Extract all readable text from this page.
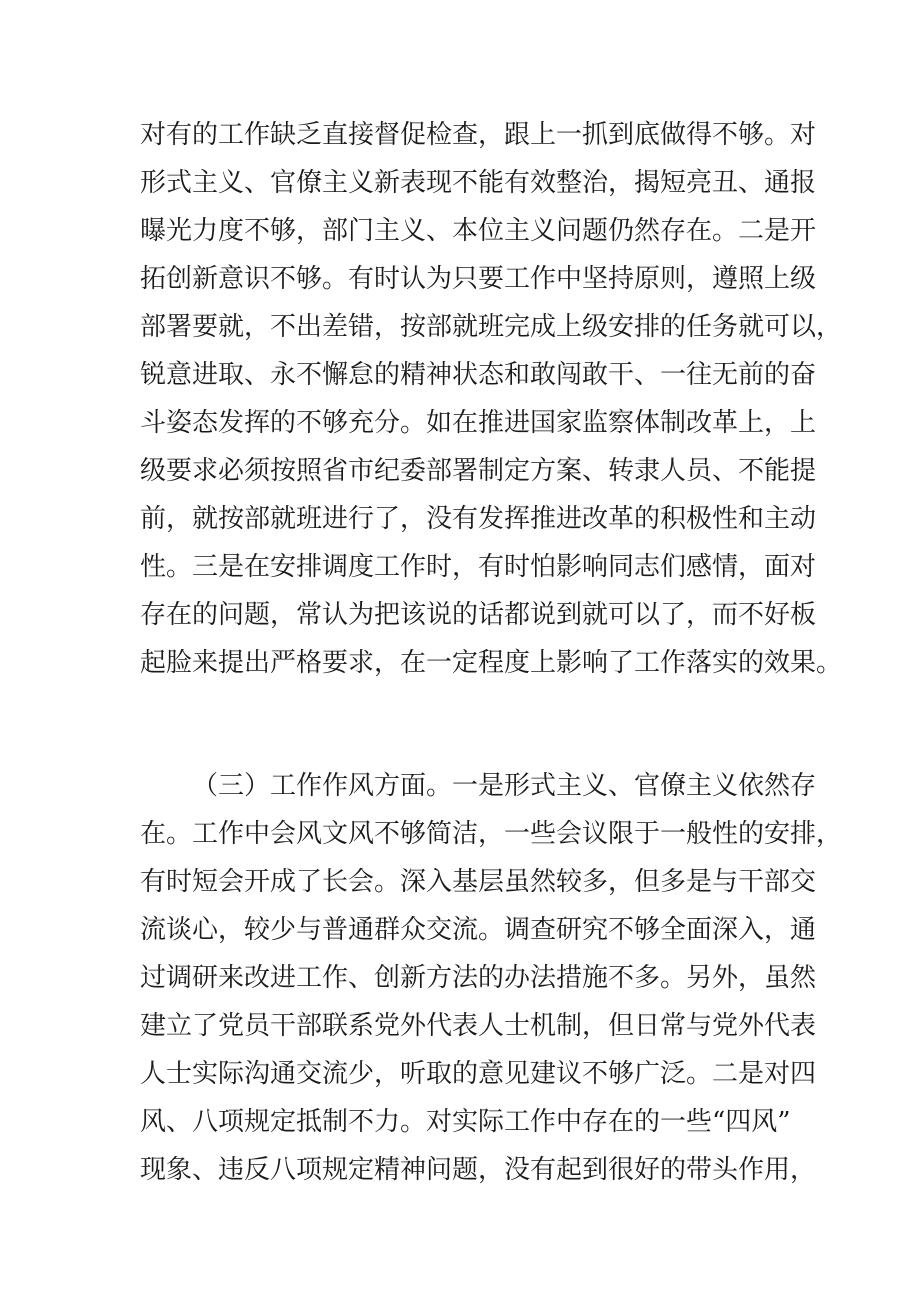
对有的工作缺乏直接督促检查，跟上一抓到底做得不够。对
形式主义、官僚主义新表现不能有效整治，揭短亮丑、通报
曝光力度不够，部门主义、本位主义问题仍然存在。二是开
拓创新意识不够。有时认为只要工作中坚持原则，遵照上级
部署要就，不出差错，按部就班完成上级安排的任务就可以，
锐意进取、永不懈怠的精神状态和敢闯敢干、一往无前的奋
斗姿态发挥的不够充分。如在推进国家监察体制改革上，上
级要求必须按照省市纪委部署制定方案、转隶人员、不能提
前，就按部就班进行了，没有发挥推进改革的积极性和主动
性。三是在安排调度工作时，有时怕影响同志们感情，面对
存在的问题，常认为把该说的话都说到就可以了，而不好板
起脸来提出严格要求，在一定程度上影响了工作落实的效果。
（三）工作作风方面。一是形式主义、官僚主义依然存
在。工作中会风文风不够简洁，一些会议限于一般性的安排，
有时短会开成了长会。深入基层虽然较多，但多是与干部交
流谈心，较少与普通群众交流。调查研究不够全面深入，通
过调研来改进工作、创新方法的办法措施不多。另外，虽然
建立了党员干部联系党外代表人士机制，但日常与党外代表
人士实际沟通交流少，听取的意见建议不够广泛。二是对四
风、八项规定抵制不力。对实际工作中存在的一些“四风”
现象、违反八项规定精神问题，没有起到很好的带头作用，
